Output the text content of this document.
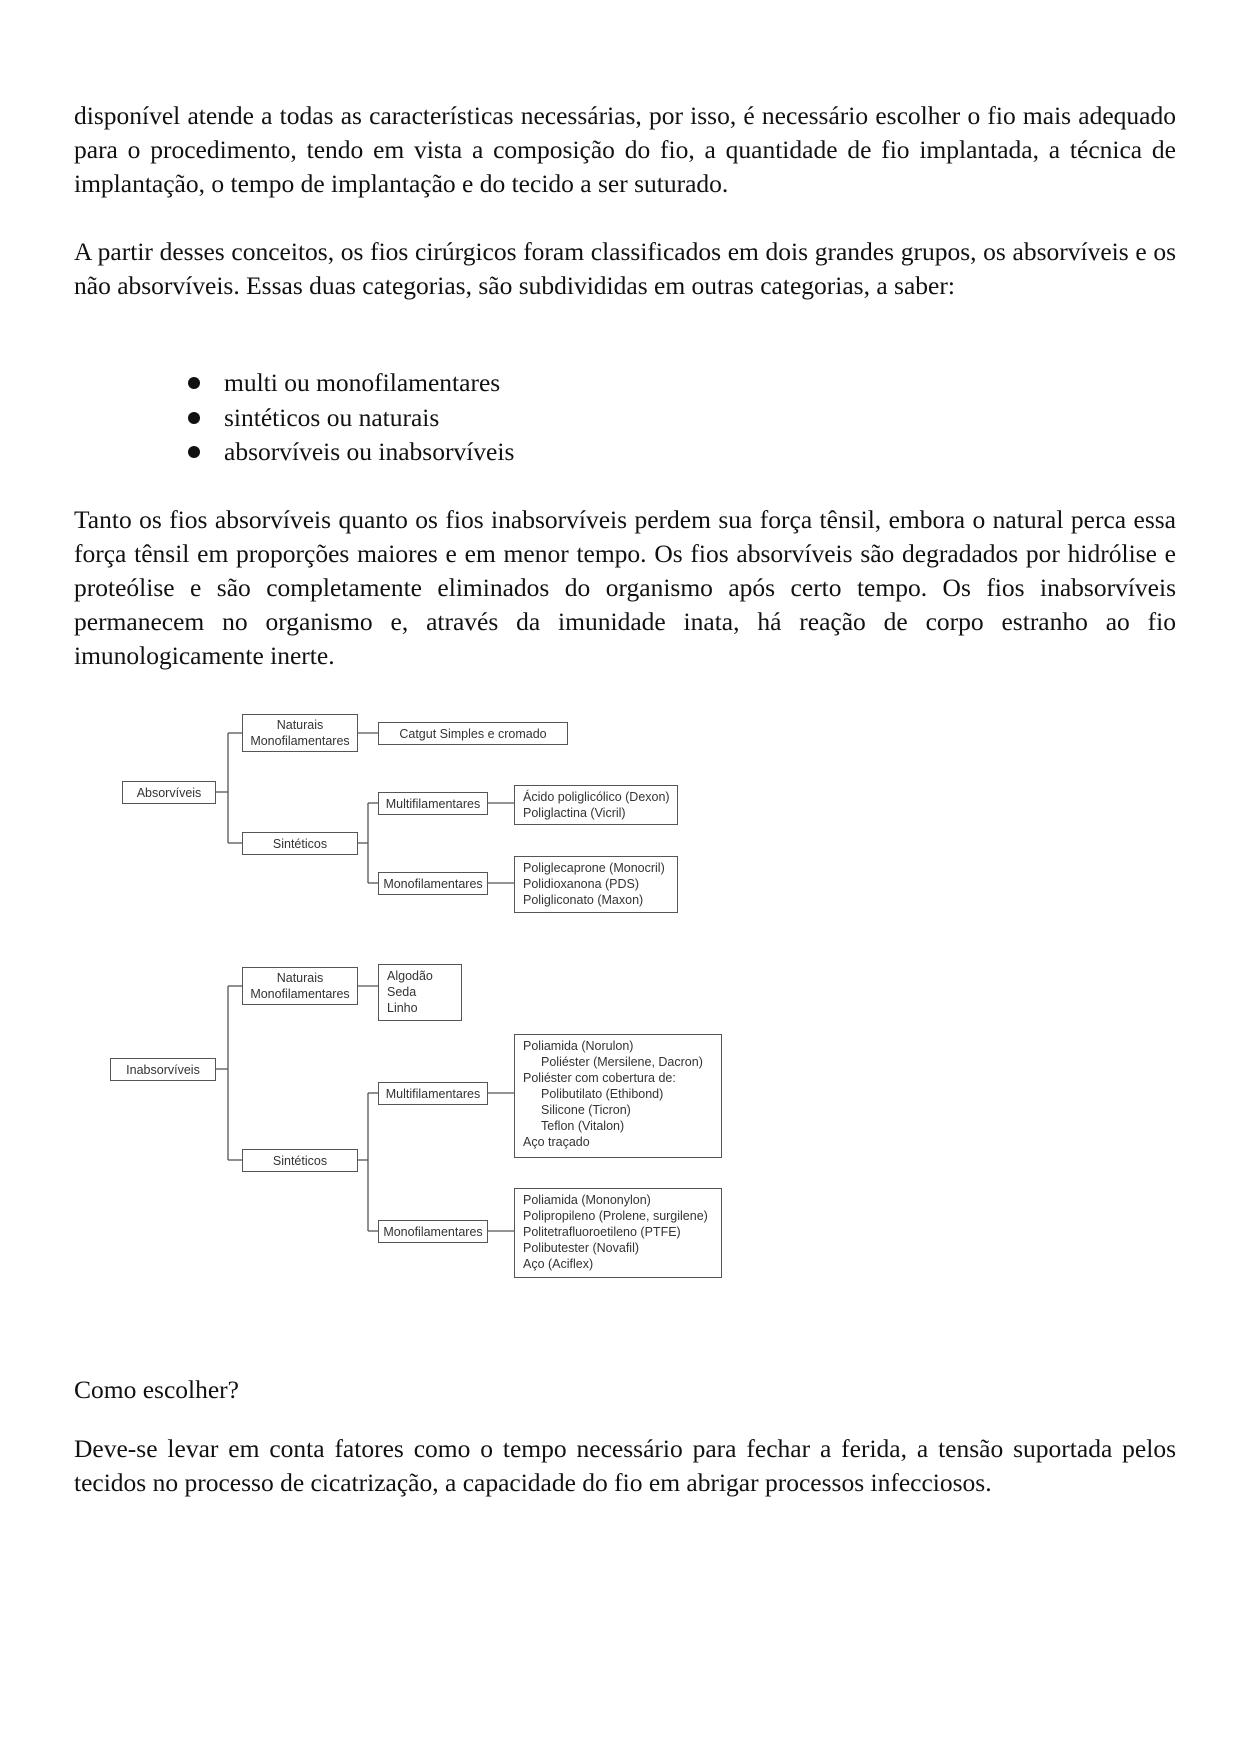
disponível atende a todas as características necessárias, por isso, é necessário escolher o fio mais adequado para o procedimento, tendo em vista a composição do fio, a quantidade de fio implantada, a técnica de implantação, o tempo de implantação e do tecido a ser suturado.

A partir desses conceitos, os fios cirúrgicos foram classificados em dois grandes grupos, os absorvíveis e os não absorvíveis. Essas duas categorias, são subdivididas em outras categorias, a saber:

multi ou monofilamentares
sintéticos ou naturais
absorvíveis ou inabsorvíveis

Tanto os fios absorvíveis quanto os fios inabsorvíveis perdem sua força tênsil, embora o natural perca essa força tênsil em proporções maiores e em menor tempo. Os fios absorvíveis são degradados por hidrólise e proteólise e são completamente eliminados do organismo após certo tempo. Os fios inabsorvíveis permanecem no organismo e, através da imunidade inata, há reação de corpo estranho ao fio imunologicamente inerte.

Absorvíveis
Naturais
Monofilamentares
Catgut Simples e cromado
Sintéticos
Multifilamentares	Ácido poliglicólico (Dexon)
Poliglactina (Vicril)
Monofilamentares
Poliglecaprone (Monocril)
Polidioxanona (PDS)
Poligliconato (Maxon)
Inabsorvíveis
Naturais
Monofilamentares
Algodão
Seda
Linho
Sintéticos
Multifilamentares
Poliamida (Norulon)
Poliéster (Mersilene, Dacron)
Poliéster com cobertura de:
Polibutilato (Ethibond)
Silicone (Ticron)
Teflon (Vitalon)
Aço traçado
Monofilamentares
Poliamida (Mononylon)
Polipropileno (Prolene, surgilene)
Politetrafluoroetileno (PTFE)
Polibutester (Novafil)
Aço (Aciflex)

Como escolher?

Deve-se levar em conta fatores como o tempo necessário para fechar a ferida, a tensão suportada pelos tecidos no processo de cicatrização, a capacidade do fio em abrigar processos infecciosos.
